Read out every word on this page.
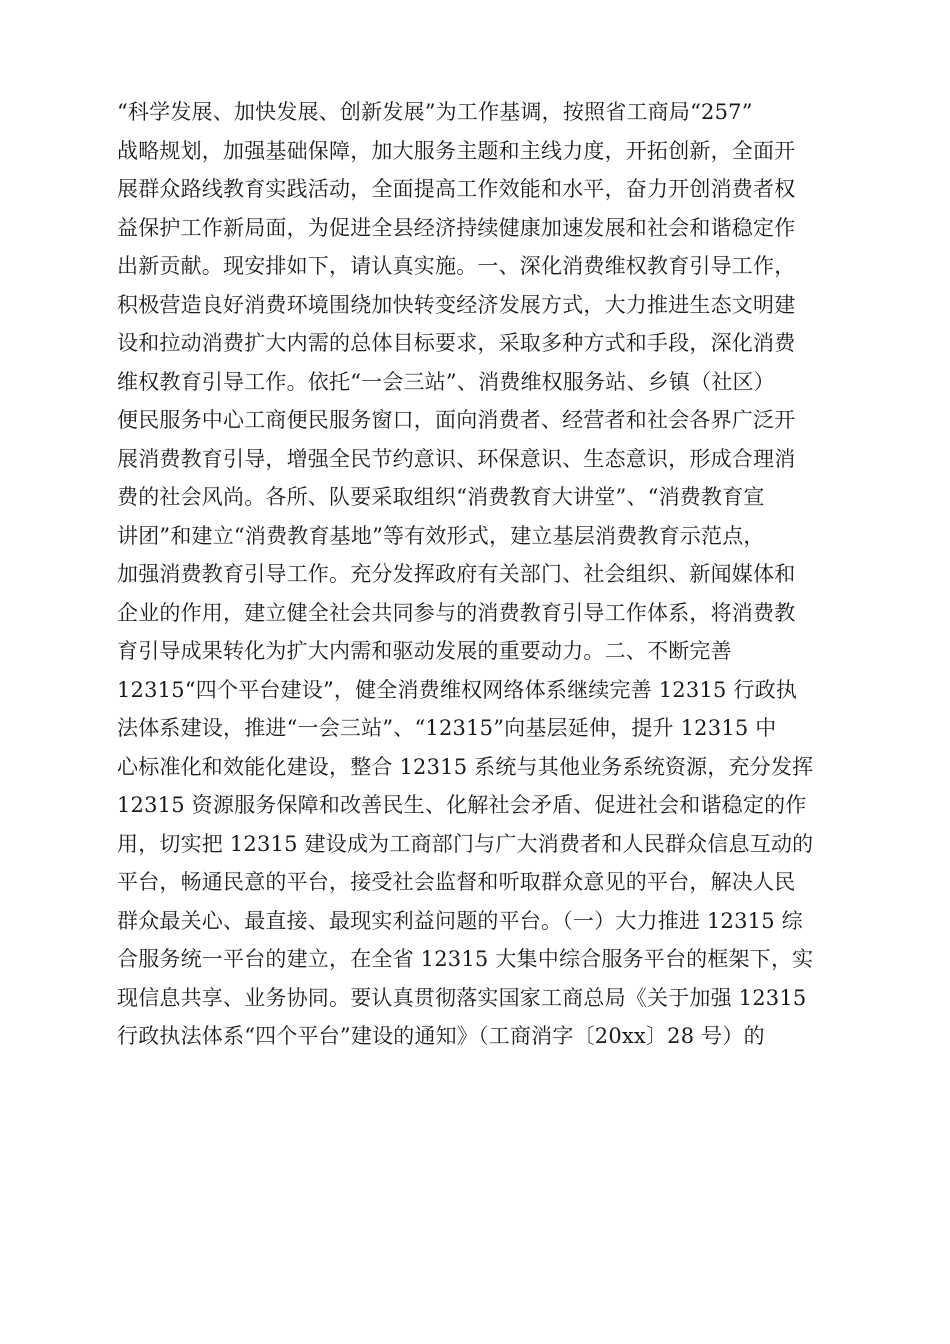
“科学发展、加快发展、创新发展”为工作基调，按照省工商局“257”
战略规划，加强基础保障，加大服务主题和主线力度，开拓创新，全面开
展群众路线教育实践活动，全面提高工作效能和水平，奋力开创消费者权
益保护工作新局面，为促进全县经济持续健康加速发展和社会和谐稳定作
出新贡献。现安排如下，请认真实施。一、深化消费维权教育引导工作，
积极营造良好消费环境围绕加快转变经济发展方式，大力推进生态文明建
设和拉动消费扩大内需的总体目标要求，采取多种方式和手段，深化消费
维权教育引导工作。依托“一会三站”、消费维权服务站、乡镇（社区）
便民服务中心工商便民服务窗口，面向消费者、经营者和社会各界广泛开
展消费教育引导，增强全民节约意识、环保意识、生态意识，形成合理消
费的社会风尚。各所、队要采取组织“消费教育大讲堂”、“消费教育宣
讲团”和建立“消费教育基地”等有效形式，建立基层消费教育示范点，
加强消费教育引导工作。充分发挥政府有关部门、社会组织、新闻媒体和
企业的作用，建立健全社会共同参与的消费教育引导工作体系，将消费教
育引导成果转化为扩大内需和驱动发展的重要动力。二、不断完善
12315“四个平台建设”，健全消费维权网络体系继续完善 12315 行政执
法体系建设，推进“一会三站”、“12315”向基层延伸，提升 12315 中
心标准化和效能化建设，整合 12315 系统与其他业务系统资源，充分发挥
12315 资源服务保障和改善民生、化解社会矛盾、促进社会和谐稳定的作
用，切实把 12315 建设成为工商部门与广大消费者和人民群众信息互动的
平台，畅通民意的平台，接受社会监督和听取群众意见的平台，解决人民
群众最关心、最直接、最现实利益问题的平台。（一）大力推进 12315 综
合服务统一平台的建立，在全省 12315 大集中综合服务平台的框架下，实
现信息共享、业务协同。要认真贯彻落实国家工商总局《关于加强 12315
行政执法体系“四个平台”建设的通知》（工商消字〔20xx〕28 号）的
